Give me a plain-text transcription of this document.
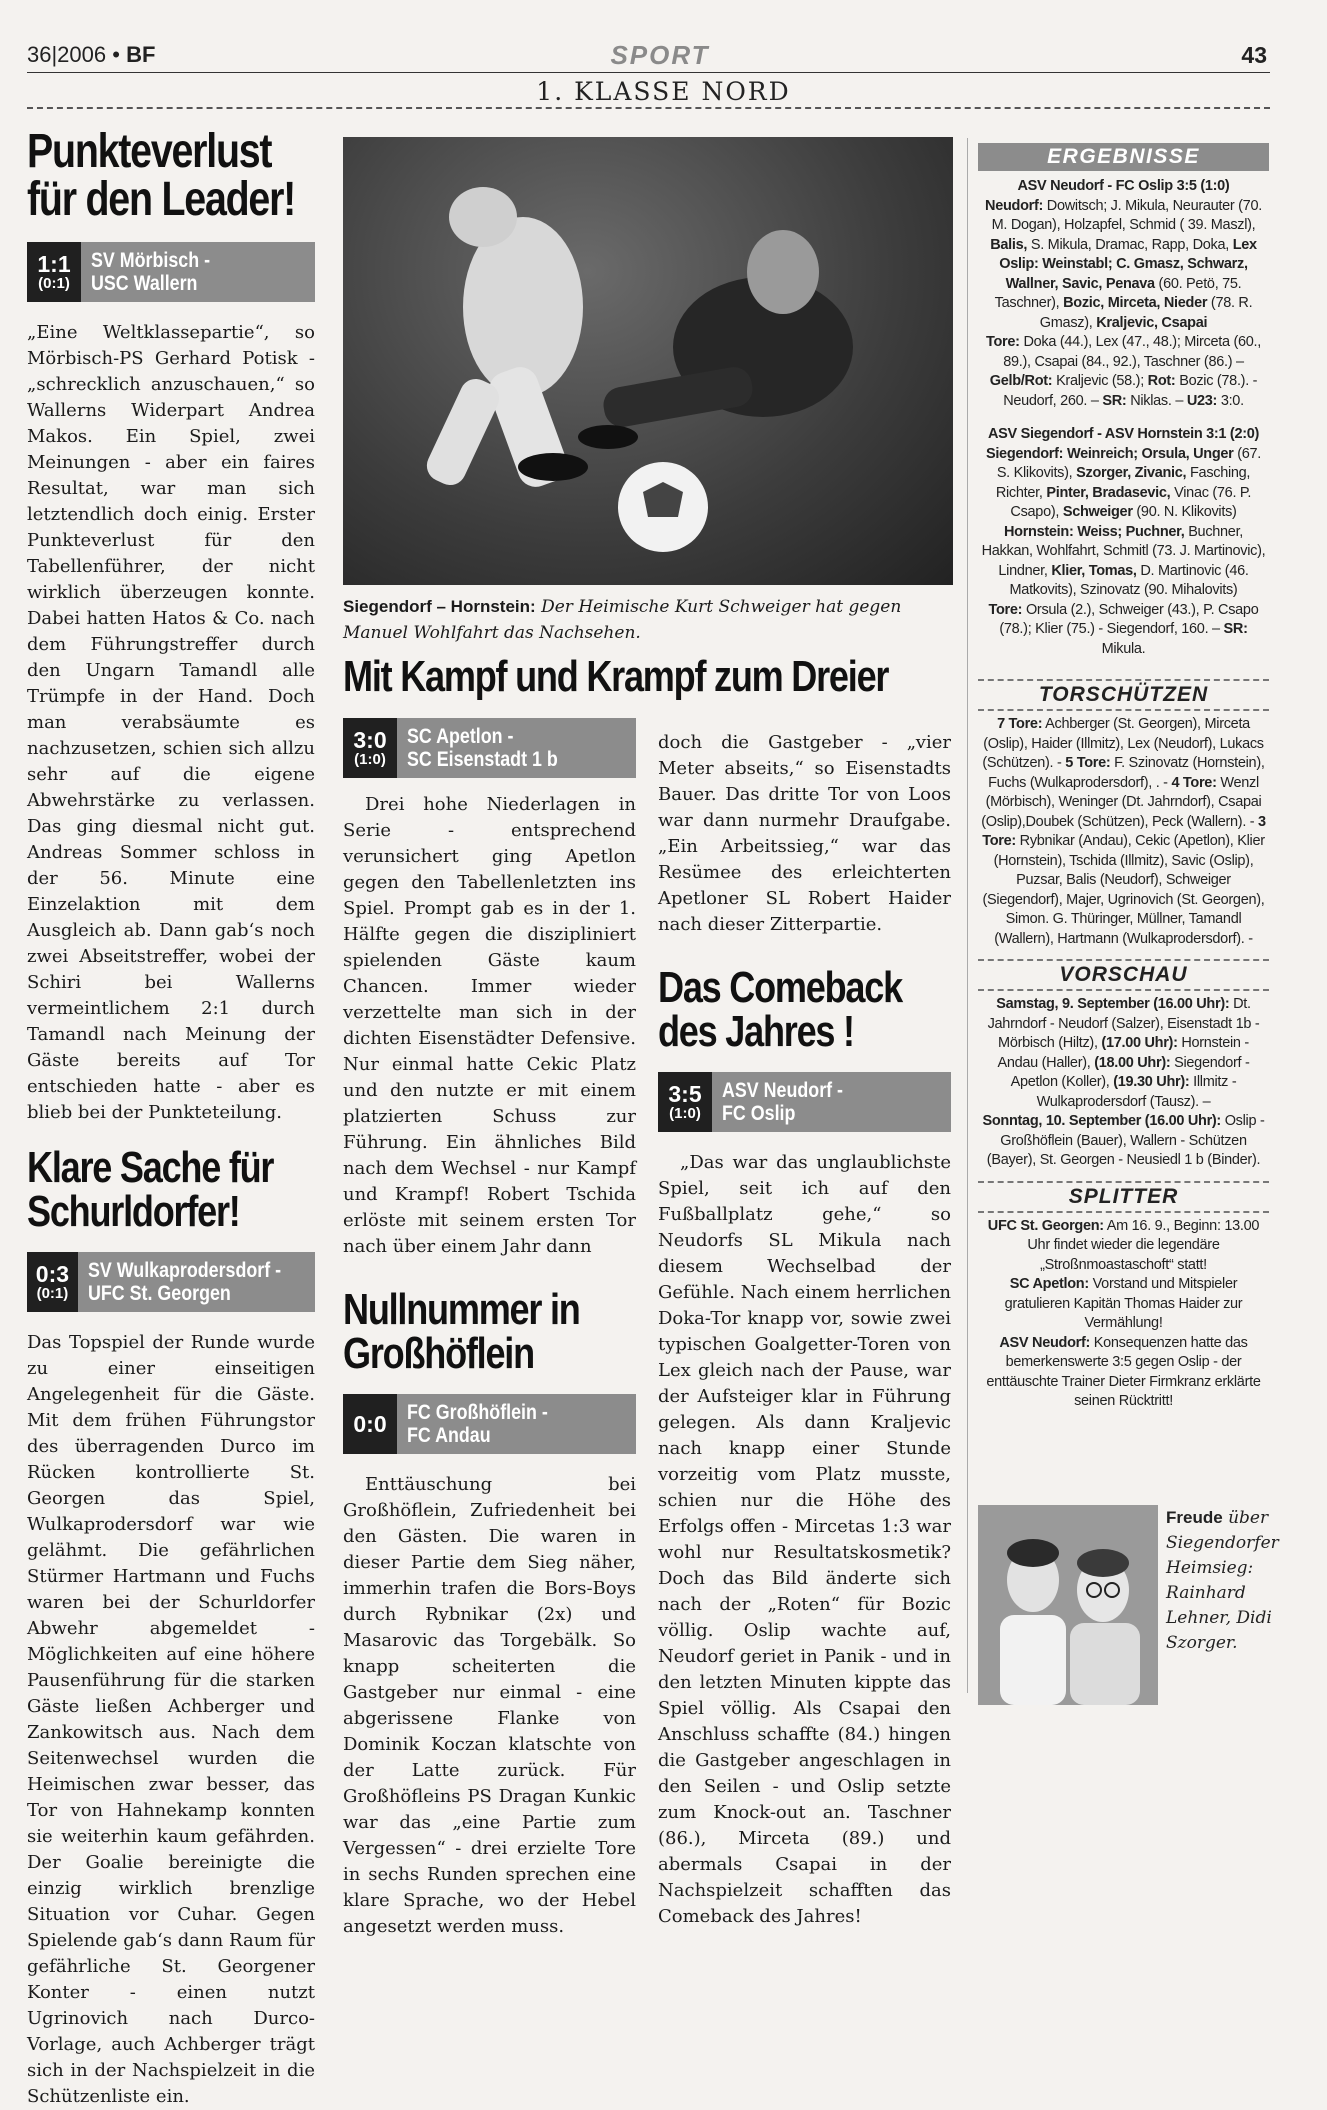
36|2006 • BF	SPORT	43
1. KLASSE NORD
Punkteverlust
für den Leader!
1:1
(0:1)
SV Mörbisch -
USC Wallern
„Eine Weltklassepartie“, so Mörbisch-PS Gerhard Potisk - „schrecklich anzuschauen,“ so Wallerns Widerpart Andrea Makos. Ein Spiel, zwei Meinungen - aber ein faires Resultat, war man sich letztendlich doch einig. Erster Punkteverlust für den Tabellenführer, der nicht wirklich überzeugen konnte. Dabei hatten Hatos & Co. nach dem Führungstreffer durch den Ungarn Tamandl alle Trümpfe in der Hand. Doch man verabsäumte es nachzusetzen, schien sich allzu sehr auf die eigene Abwehrstärke zu verlassen. Das ging diesmal nicht gut. Andreas Sommer schloss in der 56. Minute eine Einzelaktion mit dem Ausgleich ab. Dann gab‘s noch zwei Abseitstreffer, wobei der Schiri bei Wallerns vermeintlichem 2:1 durch Tamandl nach Meinung der Gäste bereits auf Tor entschieden hatte - aber es blieb bei der Punkteteilung.
Klare Sache für
Schurldorfer!
0:3
(0:1)
SV Wulkaprodersdorf -
UFC St. Georgen
Das Topspiel der Runde wurde zu einer einseitigen Angelegenheit für die Gäste. Mit dem frühen Führungstor des überragenden Durco im Rücken kontrollierte St. Georgen das Spiel, Wulkaprodersdorf war wie gelähmt. Die gefährlichen Stürmer Hartmann und Fuchs waren bei der Schurldorfer Abwehr abgemeldet - Möglichkeiten auf eine höhere Pausenführung für die starken Gäste ließen Achberger und Zankowitsch aus. Nach dem Seitenwechsel wurden die Heimischen zwar besser, das Tor von Hahnekamp konnten sie weiterhin kaum gefährden. Der Goalie bereinigte die einzig wirklich brenzlige Situation vor Cuhar. Gegen Spielende gab‘s dann Raum für gefährliche St. Georgener Konter - einen nutzt Ugrinovich nach Durco-Vorlage, auch Achberger trägt sich in der Nachspielzeit in die Schützenliste ein.
Siegendorf – Hornstein: Der Heimische Kurt Schweiger hat gegen Manuel Wohlfahrt das Nachsehen.
Mit Kampf und Krampf zum Dreier
3:0
(1:0)
SC Apetlon -
SC Eisenstadt 1 b
Drei hohe Niederlagen in Serie - entsprechend verunsichert ging Apetlon gegen den Tabellenletzten ins Spiel. Prompt gab es in der 1. Hälfte gegen die diszipliniert spielenden Gäste kaum Chancen. Immer wieder verzettelte man sich in der dichten Eisenstädter Defensive. Nur einmal hatte Cekic Platz und den nutzte er mit einem platzierten Schuss zur Führung. Ein ähnliches Bild nach dem Wechsel - nur Kampf und Krampf! Robert Tschida erlöste mit seinem ersten Tor nach über einem Jahr dann
Nullnummer in
Großhöflein
0:0 FC Großhöflein -
FC Andau
Enttäuschung bei Großhöflein, Zufriedenheit bei den Gästen. Die waren in dieser Partie dem Sieg näher, immerhin trafen die Bors-Boys durch Rybnikar (2x) und Masarovic das Torgebälk. So knapp scheiterten die Gastgeber nur einmal - eine abgerissene Flanke von Dominik Koczan klatschte von der Latte zurück. Für Großhöfleins PS Dragan Kunkic war das „eine Partie zum Vergessen“ - drei erzielte Tore in sechs Runden sprechen eine klare Sprache, wo der Hebel angesetzt werden muss.
doch die Gastgeber - „vier Meter abseits,“ so Eisenstadts Bauer. Das dritte Tor von Loos war dann nurmehr Draufgabe. „Ein Arbeitssieg,“ war das Resümee des erleichterten Apetloner SL Robert Haider nach dieser Zitterpartie.
Das Comeback
des Jahres !
3:5
(1:0)
ASV Neudorf -
FC Oslip
„Das war das unglaublichste Spiel, seit ich auf den Fußballplatz gehe,“ so Neudorfs SL Mikula nach diesem Wechselbad der Gefühle. Nach einem herrlichen Doka-Tor knapp vor, sowie zwei typischen Goalgetter-Toren von Lex gleich nach der Pause, war der Aufsteiger klar in Führung gelegen. Als dann Kraljevic nach knapp einer Stunde vorzeitig vom Platz musste, schien nur die Höhe des Erfolgs offen - Mircetas 1:3 war wohl nur Resultatskosmetik? Doch das Bild änderte sich nach der „Roten“ für Bozic völlig. Oslip wachte auf, Neudorf geriet in Panik - und in den letzten Minuten kippte das Spiel völlig. Als Csapai den Anschluss schaffte (84.) hingen die Gastgeber angeschlagen in den Seilen - und Oslip setzte zum Knock-out an. Taschner (86.), Mirceta (89.) und abermals Csapai in der Nachspielzeit schafften das Comeback des Jahres!
ERGEBNISSE
ASV Neudorf - FC Oslip 3:5 (1:0)
Neudorf: Dowitsch; J. Mikula, Neurauter (70. M. Dogan), Holzapfel, Schmid ( 39. Maszl), Balis, S. Mikula, Dramac, Rapp, Doka, Lex
Oslip: Weinstabl; C. Gmasz, Schwarz, Wallner, Savic, Penava (60. Petö, 75. Taschner), Bozic, Mirceta, Nieder (78. R. Gmasz), Kraljevic, Csapai
Tore: Doka (44.), Lex (47., 48.); Mirceta (60., 89.), Csapai (84., 92.), Taschner (86.) – Gelb/Rot: Kraljevic (58.); Rot: Bozic (78.). - Neudorf, 260. – SR: Niklas. – U23: 3:0.
ASV Siegendorf - ASV Hornstein 3:1 (2:0)
Siegendorf: Weinreich; Orsula, Unger (67. S. Klikovits), Szorger, Zivanic, Fasching, Richter, Pinter, Bradasevic, Vinac (76. P. Csapo), Schweiger (90. N. Klikovits)
Hornstein: Weiss; Puchner, Buchner, Hakkan, Wohlfahrt, Schmitl (73. J. Martinovic), Lindner, Klier, Tomas, D. Martinovic (46. Matkovits), Szinovatz (90. Mihalovits)
Tore: Orsula (2.), Schweiger (43.), P. Csapo (78.); Klier (75.) - Siegendorf, 160. – SR: Mikula.
TORSCHÜTZEN
7 Tore: Achberger (St. Georgen), Mirceta (Oslip), Haider (Illmitz), Lex (Neudorf), Lukacs (Schützen). - 5 Tore: F. Szinovatz (Hornstein), Fuchs (Wulkaprodersdorf), . - 4 Tore: Wenzl (Mörbisch), Weninger (Dt. Jahrndorf), Csapai (Oslip),Doubek (Schützen), Peck (Wallern). - 3 Tore: Rybnikar (Andau), Cekic (Apetlon), Klier (Hornstein), Tschida (Illmitz), Savic (Oslip), Puzsar, Balis (Neudorf), Schweiger (Siegendorf), Majer, Ugrinovich (St. Georgen), Simon. G. Thüringer, Müllner, Tamandl (Wallern), Hartmann (Wulkaprodersdorf). -
VORSCHAU
Samstag, 9. September (16.00 Uhr): Dt. Jahrndorf - Neudorf (Salzer), Eisenstadt 1b - Mörbisch (Hiltz), (17.00 Uhr): Hornstein - Andau (Haller), (18.00 Uhr): Siegendorf - Apetlon (Koller), (19.30 Uhr): Illmitz - Wulkaprodersdorf (Tausz). –
Sonntag, 10. September (16.00 Uhr): Oslip - Großhöflein (Bauer), Wallern - Schützen (Bayer), St. Georgen - Neusiedl 1 b (Binder).
SPLITTER
UFC St. Georgen: Am 16. 9., Beginn: 13.00 Uhr findet wieder die legendäre „Stroßnmoastaschoft“ statt!
SC Apetlon: Vorstand und Mitspieler gratulieren Kapitän Thomas Haider zur Vermählung!
ASV Neudorf: Konsequenzen hatte das bemerkenswerte 3:5 gegen Oslip - der enttäuschte Trainer Dieter Firmkranz erklärte seinen Rücktritt!
Freude über Siegendorfer Heimsieg: Rainhard Lehner, Didi Szorger.
